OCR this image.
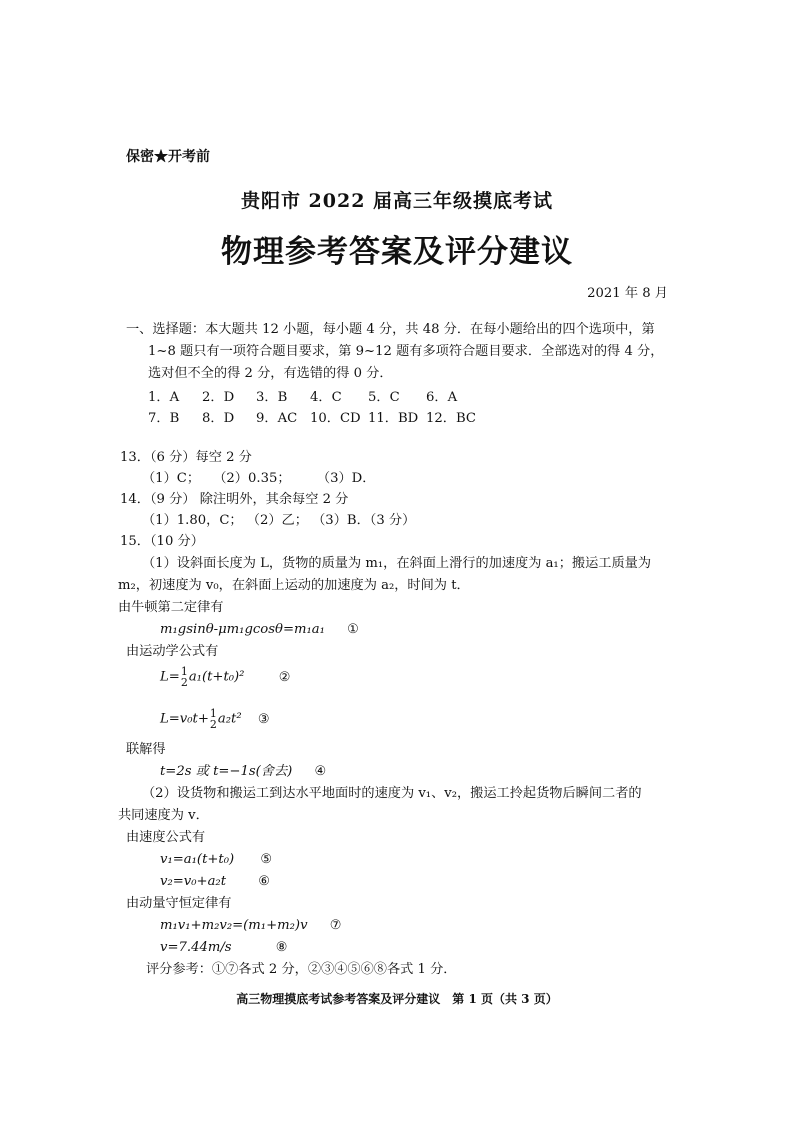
保密★开考前
贵阳市 2022 届高三年级摸底考试
物理参考答案及评分建议
2021 年 8 月
一、选择题：本大题共 12 小题，每小题 4 分，共 48 分．在每小题给出的四个选项中，第
1~8 题只有一项符合题目要求，第 9~12 题有多项符合题目要求．全部选对的得 4 分，
选对但不全的得 2 分，有选错的得 0 分．
1．A	2．D	3．B	4．C	5．C	6．A
7．B	8．D	9．AC 10．CD 11．BD 12．BC
13．（6 分）每空 2 分
（1）C；　　（2）0.35；　　　（3）D．
14．（9 分） 除注明外，其余每空 2 分
（1）1.80，C； （2）乙； （3）B．（3 分）
15．（10 分）
（1）设斜面长度为 L，货物的质量为 m₁，在斜面上滑行的加速度为 a₁；搬运工质量为
m₂，初速度为 v₀，在斜面上运动的加速度为 a₂，时间为 t．
由牛顿第二定律有
m₁gsinθ-μm₁gcosθ=m₁a₁ ①
由运动学公式有
L= 1
2 a₁(t+t₀)²	②
L=v₀t+ 1
2 a₂t² ③
联解得
t=2s 或 t=−1s(舍去) ④
（2）设货物和搬运工到达水平地面时的速度为 v₁、v₂，搬运工拎起货物后瞬间二者的
共同速度为 v．
由速度公式有
v₁=a₁(t+t₀) ⑤
v₂=v₀+a₂t ⑥
由动量守恒定律有
m₁v₁+m₂v₂=(m₁+m₂)v ⑦
v=7.44m/s	⑧
评分参考：①⑦各式 2 分，②③④⑤⑥⑧各式 1 分．
高三物理摸底考试参考答案及评分建议　第 1 页（共 3 页）
